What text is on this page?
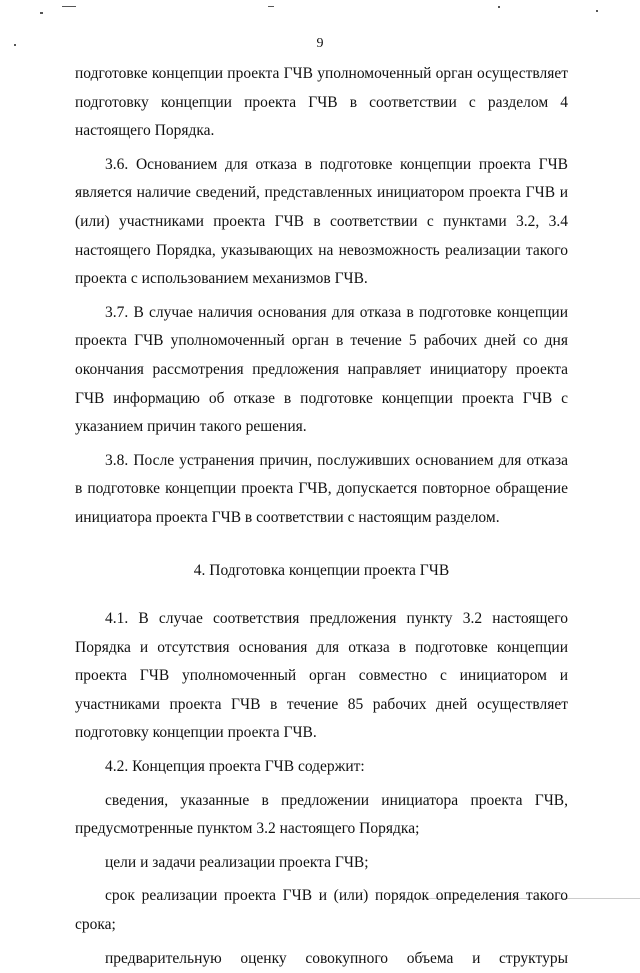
9

подготовке концепции проекта ГЧВ уполномоченный орган осуществляет подготовку концепции проекта ГЧВ в соответствии с разделом 4 настоящего Порядка.

3.6. Основанием для отказа в подготовке концепции проекта ГЧВ является наличие сведений, представленных инициатором проекта ГЧВ и (или) участниками проекта ГЧВ в соответствии с пунктами 3.2, 3.4 настоящего Порядка, указывающих на невозможность реализации такого проекта с использованием механизмов ГЧВ.

3.7. В случае наличия основания для отказа в подготовке концепции проекта ГЧВ уполномоченный орган в течение 5 рабочих дней со дня окончания рассмотрения предложения направляет инициатору проекта ГЧВ информацию об отказе в подготовке концепции проекта ГЧВ с указанием причин такого решения.

3.8. После устранения причин, послуживших основанием для отказа в подготовке концепции проекта ГЧВ, допускается повторное обращение инициатора проекта ГЧВ в соответствии с настоящим разделом.

4. Подготовка концепции проекта ГЧВ

4.1. В случае соответствия предложения пункту 3.2 настоящего Порядка и отсутствия основания для отказа в подготовке концепции проекта ГЧВ уполномоченный орган совместно с инициатором и участниками проекта ГЧВ в течение 85 рабочих дней осуществляет подготовку концепции проекта ГЧВ.

4.2. Концепция проекта ГЧВ содержит:

сведения, указанные в предложении инициатора проекта ГЧВ, предусмотренные пунктом 3.2 настоящего Порядка;

цели и задачи реализации проекта ГЧВ;

срок реализации проекта ГЧВ и (или) порядок определения такого срока;

предварительную оценку совокупного объема и структуры
